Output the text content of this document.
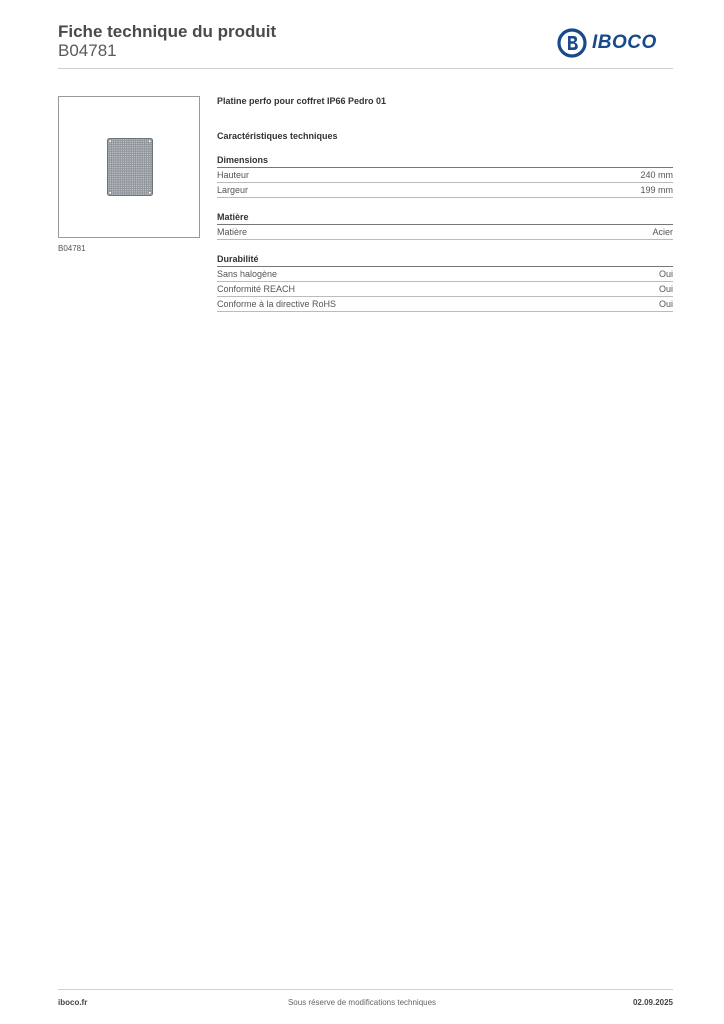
Fiche technique du produit
B04781	IBOCO
B04781
Platine perfo pour coffret IP66 Pedro 01
Caractéristiques techniques
Dimensions
Hauteur	240 mm
Largeur	199 mm
Matière
Matière	Acier
Durabilité
Sans halogène	Oui
Conformité REACH	Oui
Conforme à la directive RoHS	Oui
iboco.fr	Sous réserve de modifications techniques	02.09.2025
